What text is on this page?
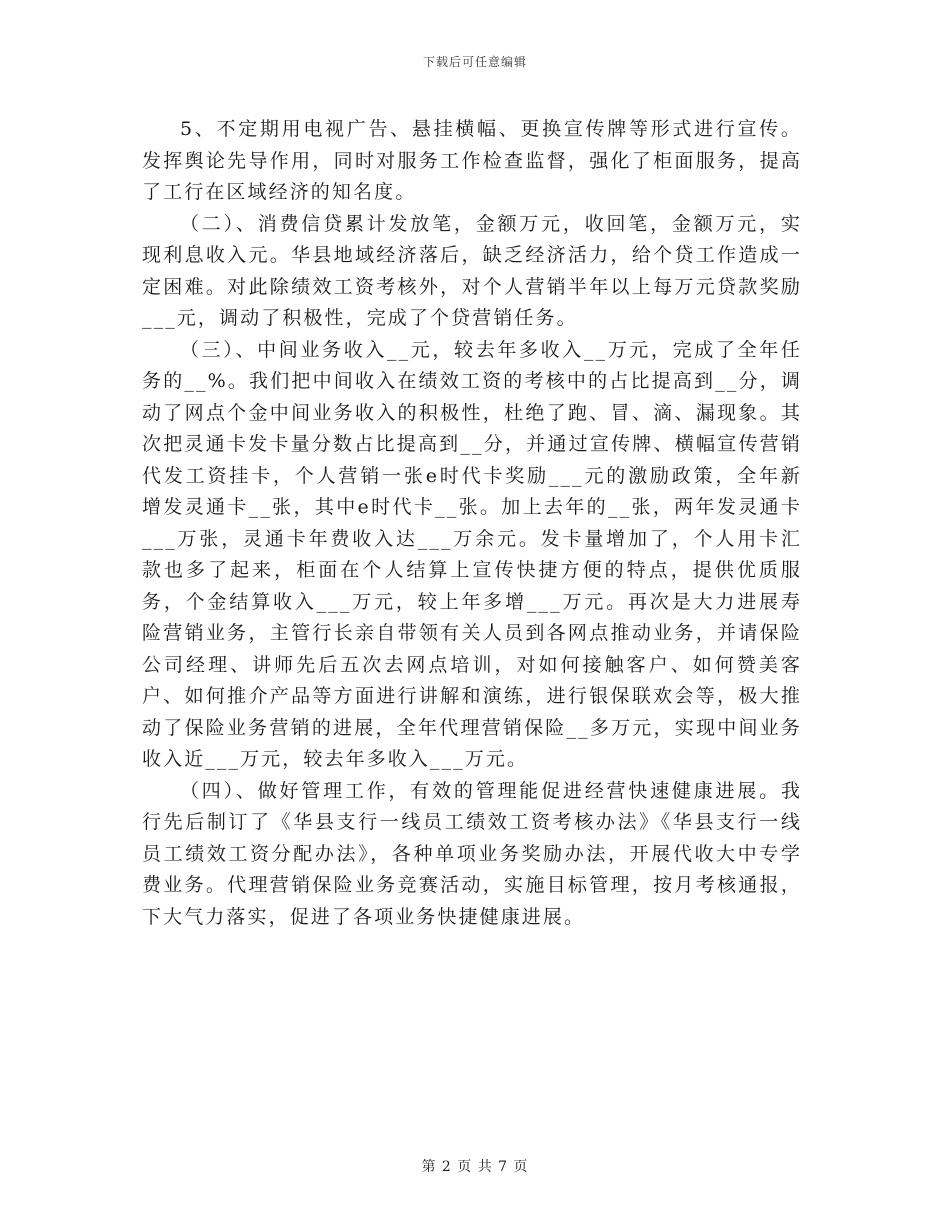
下载后可任意编辑

5、不定期用电视广告、悬挂横幅、更换宣传牌等形式进行宣传。发挥舆论先导作用，同时对服务工作检查监督，强化了柜面服务，提高了工行在区域经济的知名度。

（二）、消费信贷累计发放笔，金额万元，收回笔，金额万元，实现利息收入元。华县地域经济落后，缺乏经济活力，给个贷工作造成一定困难。对此除绩效工资考核外，对个人营销半年以上每万元贷款奖励___元，调动了积极性，完成了个贷营销任务。

（三）、中间业务收入__元，较去年多收入__万元，完成了全年任务的__%。我们把中间收入在绩效工资的考核中的占比提高到__分，调动了网点个金中间业务收入的积极性，杜绝了跑、冒、滴、漏现象。其次把灵通卡发卡量分数占比提高到__分，并通过宣传牌、横幅宣传营销代发工资挂卡，个人营销一张e时代卡奖励___元的激励政策，全年新增发灵通卡__张，其中e时代卡__张。加上去年的__张，两年发灵通卡___万张，灵通卡年费收入达___万余元。发卡量增加了，个人用卡汇款也多了起来，柜面在个人结算上宣传快捷方便的特点，提供优质服务，个金结算收入___万元，较上年多增___万元。再次是大力进展寿险营销业务，主管行长亲自带领有关人员到各网点推动业务，并请保险公司经理、讲师先后五次去网点培训，对如何接触客户、如何赞美客户、如何推介产品等方面进行讲解和演练，进行银保联欢会等，极大推动了保险业务营销的进展，全年代理营销保险__多万元，实现中间业务收入近___万元，较去年多收入___万元。

（四）、做好管理工作，有效的管理能促进经营快速健康进展。我行先后制订了《华县支行一线员工绩效工资考核办法》《华县支行一线员工绩效工资分配办法》，各种单项业务奖励办法，开展代收大中专学费业务。代理营销保险业务竞赛活动，实施目标管理，按月考核通报，下大气力落实，促进了各项业务快捷健康进展。

第 2 页 共 7 页
